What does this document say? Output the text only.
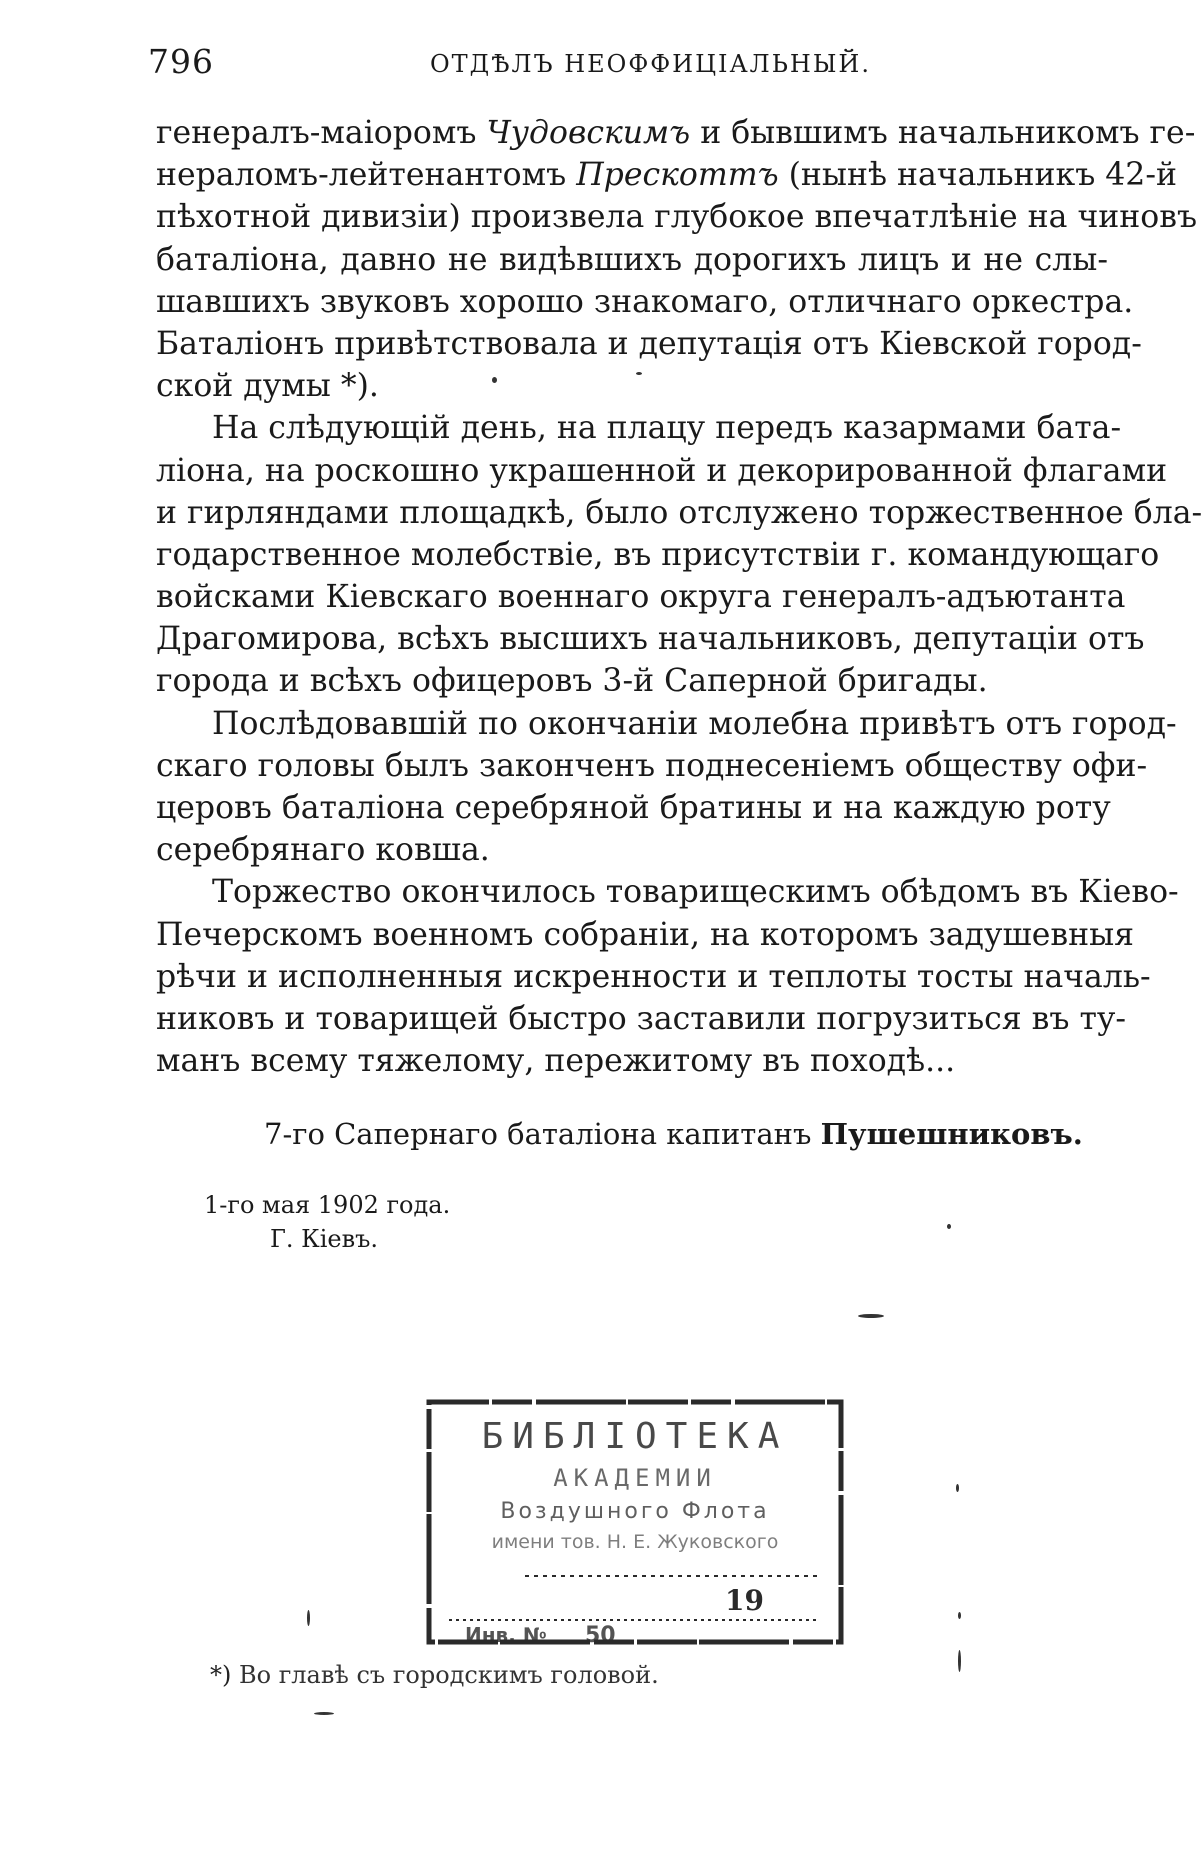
796	ОТДѢЛЪ НЕОФФИЦІАЛЬНЫЙ.
генералъ-маіоромъ Чудовскимъ и бывшимъ начальникомъ ге-
нераломъ-лейтенантомъ Прескоттъ (нынѣ начальникъ 42-й
пѣхотной дивизіи) произвела глубокое впечатлѣніе на чиновъ
баталіона, давно не видѣвшихъ дорогихъ лицъ и не слы-
шавшихъ звуковъ хорошо знакомаго, отличнаго оркестра.
Баталіонъ привѣтствовала и депутація отъ Кіевской город-
ской думы *).
На слѣдующій день, на плацу передъ казармами бата-
ліона, на роскошно украшенной и декорированной флагами
и гирляндами площадкѣ, было отслужено торжественное бла-
годарственное молебствіе, въ присутствіи г. командующаго
войсками Кіевскаго военнаго округа генералъ-адъютанта
Драгомирова, всѣхъ высшихъ начальниковъ, депутаціи отъ
города и всѣхъ офицеровъ 3-й Саперной бригады.
Послѣдовавшій по окончаніи молебна привѣтъ отъ город-
скаго головы былъ законченъ поднесеніемъ обществу офи-
церовъ баталіона серебряной братины и на каждую роту
серебрянаго ковша.
Торжество окончилось товарищескимъ обѣдомъ въ Кіево-
Печерскомъ военномъ собраніи, на которомъ задушевныя
рѣчи и исполненныя искренности и теплоты тосты началь-
никовъ и товарищей быстро заставили погрузиться въ ту-
манъ всему тяжелому, пережитому въ походѣ...
7-го Сапернаго баталіона капитанъ Пушешниковъ.
1-го мая 1902 года.
Г. Кіевъ.
БИБЛІОТЕКА
АКАДЕМИИ
Воздушного Флота
имени тов. Н. Е. Жуковского
19
Инв. № 50
*) Во главѣ съ городскимъ головой.
